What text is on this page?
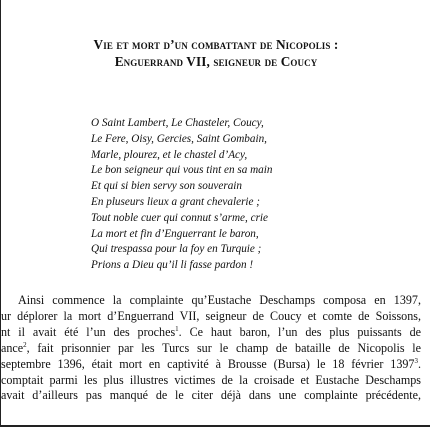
Vie et mort d’un combattant de Nicopolis :
Enguerrand VII, seigneur de Coucy
O Saint Lambert, Le Chasteler, Coucy,
Le Fere, Oisy, Gercies, Saint Gombain,
Marle, plourez, et le chastel d’Acy,
Le bon seigneur qui vous tint en sa main
Et qui si bien servy son souverain
En pluseurs lieux a grant chevalerie ;
Tout noble cuer qui connut s’arme, crie
La mort et fin d’Enguerrant le baron,
Qui trespassa pour la foy en Turquie ;
Prions a Dieu qu’il li fasse pardon !
Ainsi commence la complainte qu’Eustache Deschamps composa en 1397,
ur déplorer la mort d’Enguerrand VII, seigneur de Coucy et comte de Soissons,
nt il avait été l’un des proches$^1$. Ce haut baron, l’un des plus puissants de
ance$^2$, fait prisonnier par les Turcs sur le champ de bataille de Nicopolis le
septembre 1396, était mort en captivité à Brousse (Bursa) le 18 février 1397$^3$.
comptait parmi les plus illustres victimes de la croisade et Eustache Deschamps
avait d’ailleurs pas manqué de le citer déjà dans une complainte précédente,
